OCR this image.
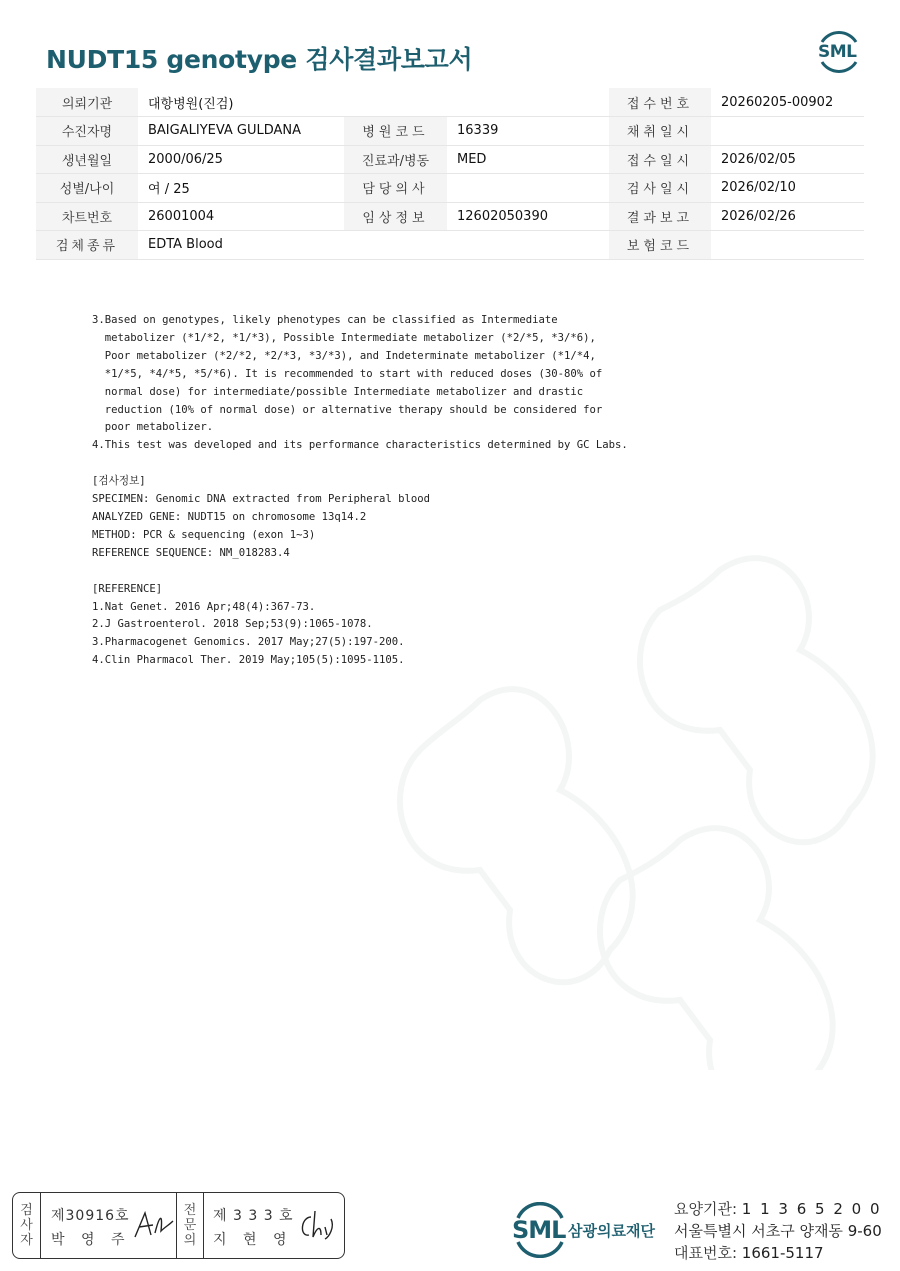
NUDT15 genotype 검사결과보고서	SML
의뢰기관	대항병원(진검)			접수번호	20260205-00902
수진자명	BAIGALIYEVA GULDANA	병원코드	16339	채취일시	
생년월일	2000/06/25	진료과/병동	MED	접수일시	2026/02/05
성별/나이	여 / 25	담당의사		검사일시	2026/02/10
차트번호	26001004	임상정보	12602050390	결과보고	2026/02/26
검체종류	EDTA Blood			보험코드	
3.Based on genotypes, likely phenotypes can be classified as Intermediate
metabolizer (*1/*2, *1/*3), Possible Intermediate metabolizer (*2/*5, *3/*6),
Poor metabolizer (*2/*2, *2/*3, *3/*3), and Indeterminate metabolizer (*1/*4,
*1/*5, *4/*5, *5/*6). It is recommended to start with reduced doses (30-80% of
normal dose) for intermediate/possible Intermediate metabolizer and drastic
reduction (10% of normal dose) or alternative therapy should be considered for
poor metabolizer.
4.This test was developed and its performance characteristics determined by GC Labs.

[검사정보]
SPECIMEN: Genomic DNA extracted from Peripheral blood
ANALYZED GENE: NUDT15 on chromosome 13q14.2
METHOD: PCR & sequencing (exon 1~3)
REFERENCE SEQUENCE: NM_018283.4

[REFERENCE]
1.Nat Genet. 2016 Apr;48(4):367-73.
2.J Gastroenterol. 2018 Sep;53(9):1065-1078.
3.Pharmacogenet Genomics. 2017 May;27(5):197-200.
4.Clin Pharmacol Ther. 2019 May;105(5):1095-1105.
검
사
자
제30916호
박 영 주
전
문
의
제 3 3 3 호
지 현 영	SML 삼광의료재단
요양기관: 1 1 3 6 5 2 0 0
서울특별시 서초구 양재동 9-60
대표번호: 1661-5117
